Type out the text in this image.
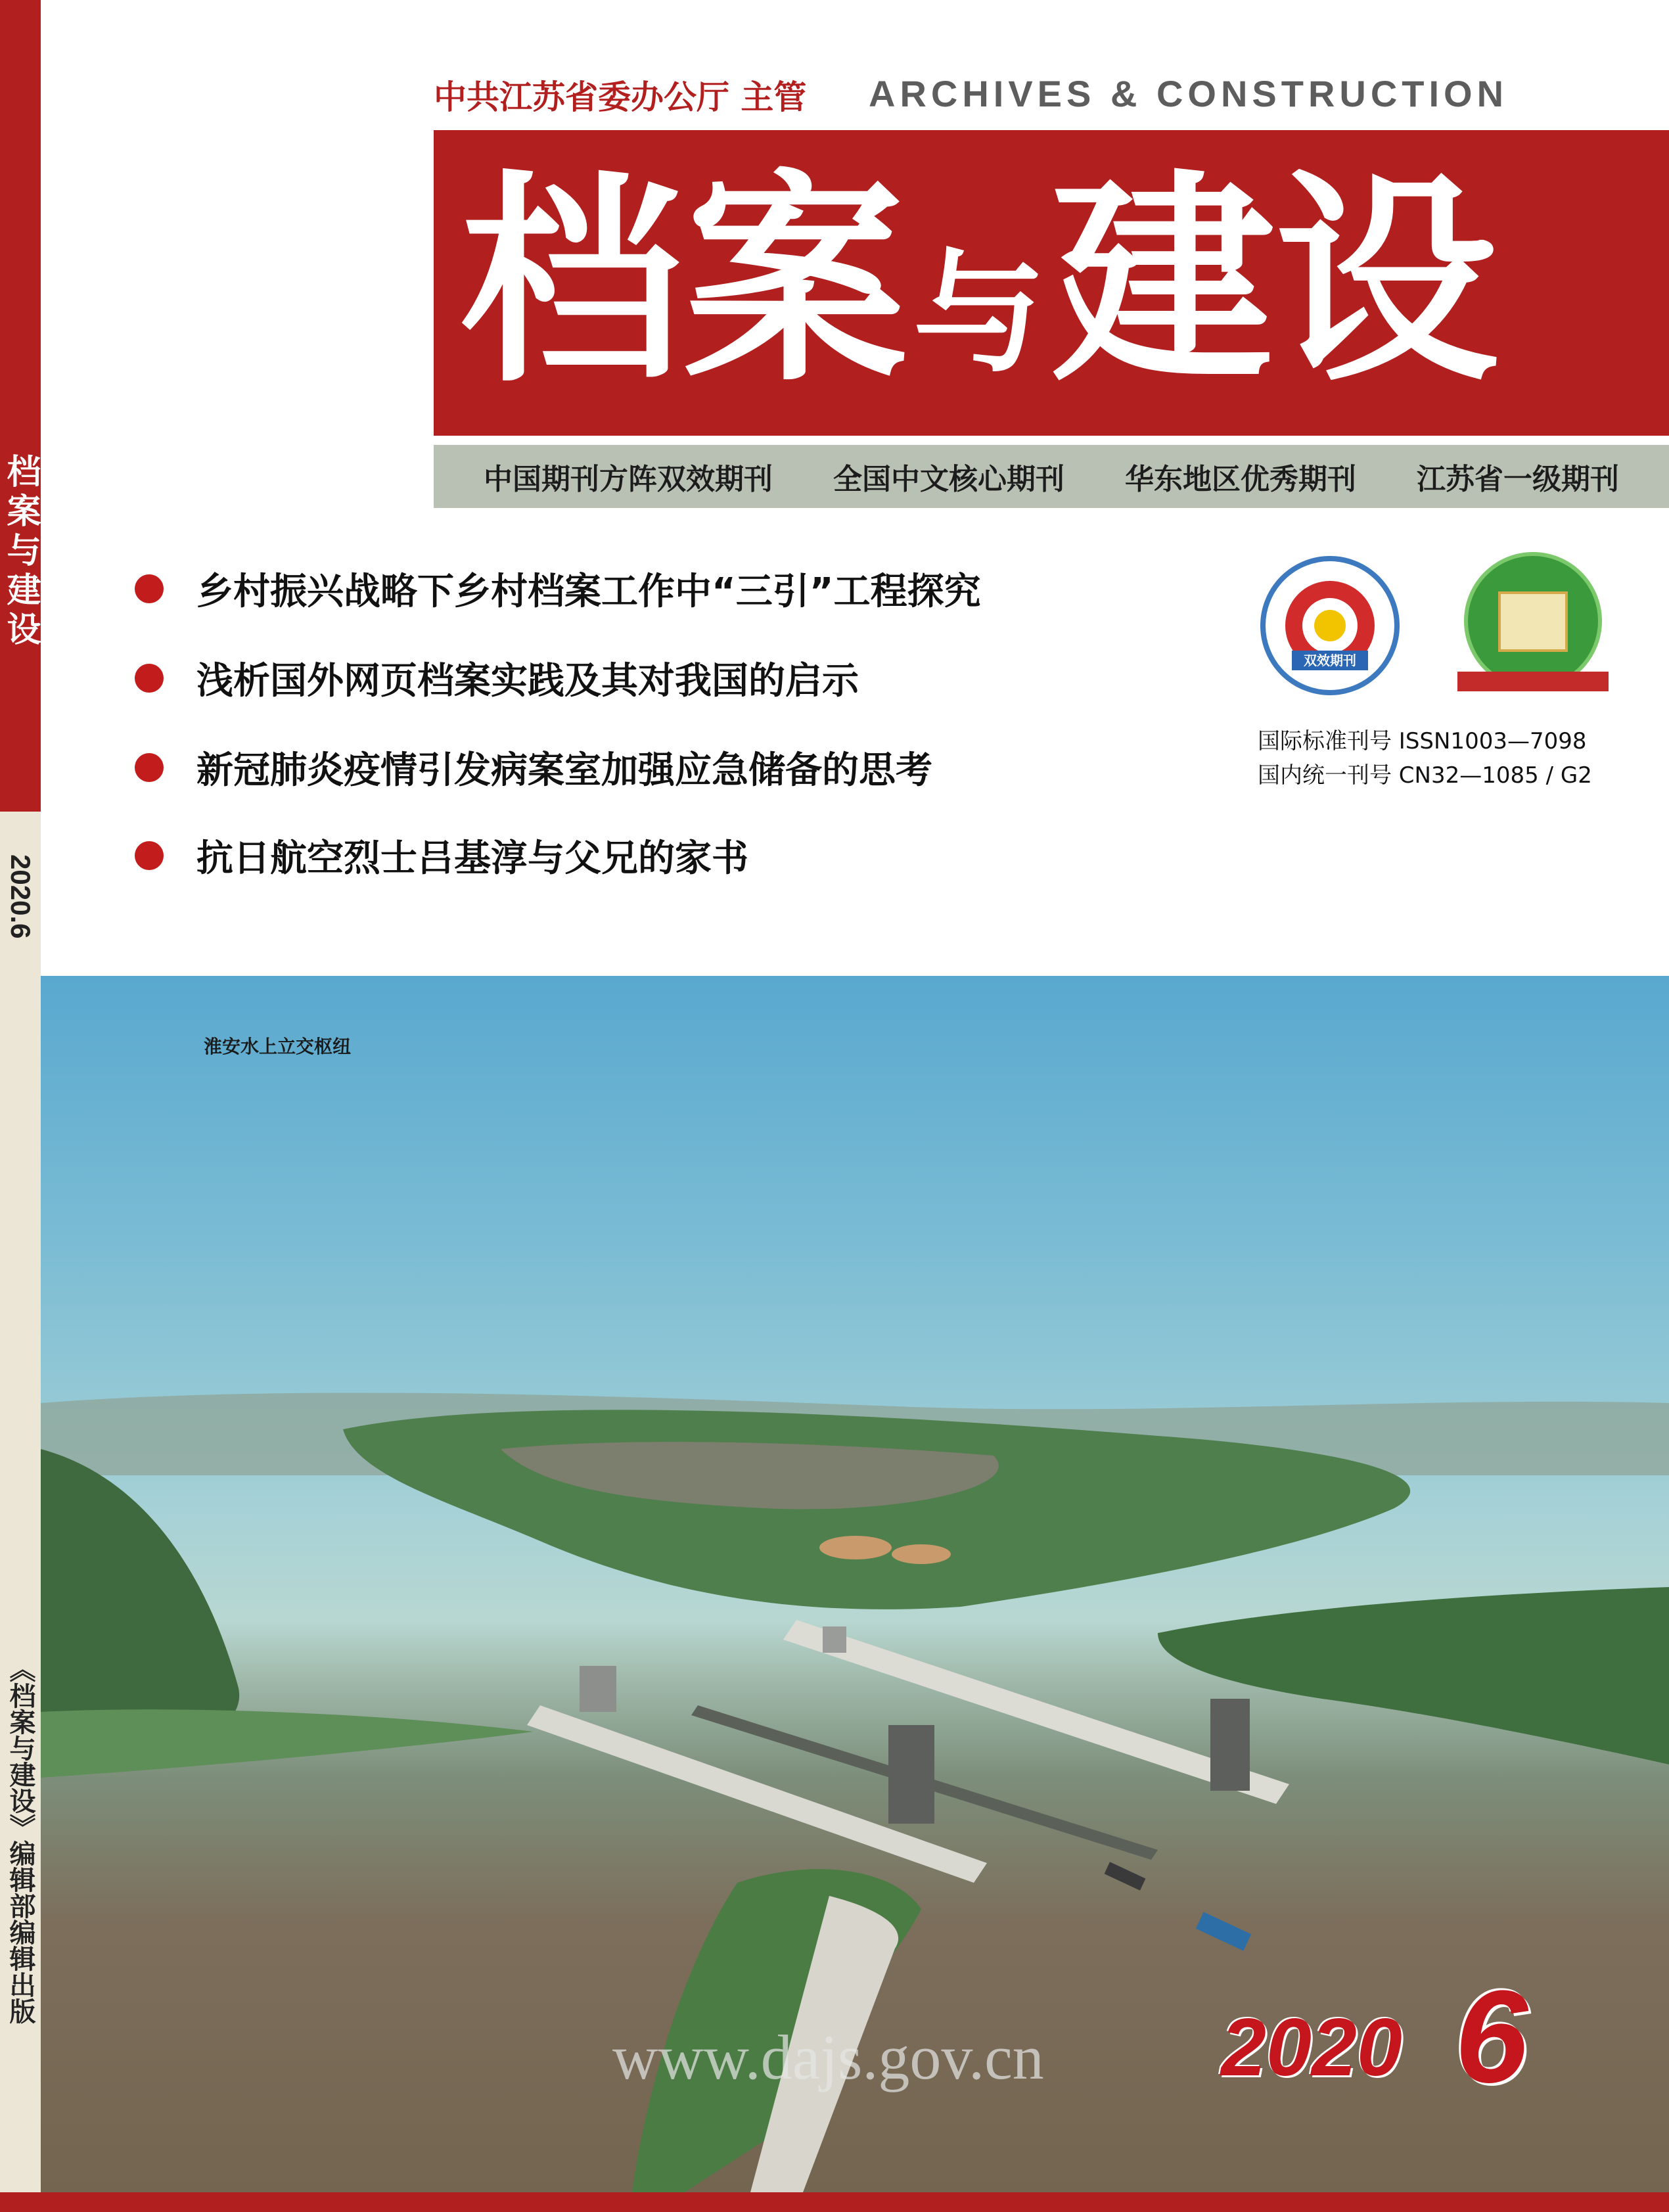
档案与建设
2020.6
《档案与建设》编辑部编辑出版
中共江苏省委办公厅 主管 ARCHIVES & CONSTRUCTION
档案与建设
中国期刊方阵双效期刊 全国中文核心期刊 华东地区优秀期刊 江苏省一级期刊
乡村振兴战略下乡村档案工作中“三引”工程探究
浅析国外网页档案实践及其对我国的启示
新冠肺炎疫情引发病案室加强应急储备的思考
抗日航空烈士吕基淳与父兄的家书
双效期刊
国际标准刊号 ISSN1003—7098
国内统一刊号 CN32—1085 / G2
淮安水上立交枢纽
www.dajs.gov.cn 2020 6
